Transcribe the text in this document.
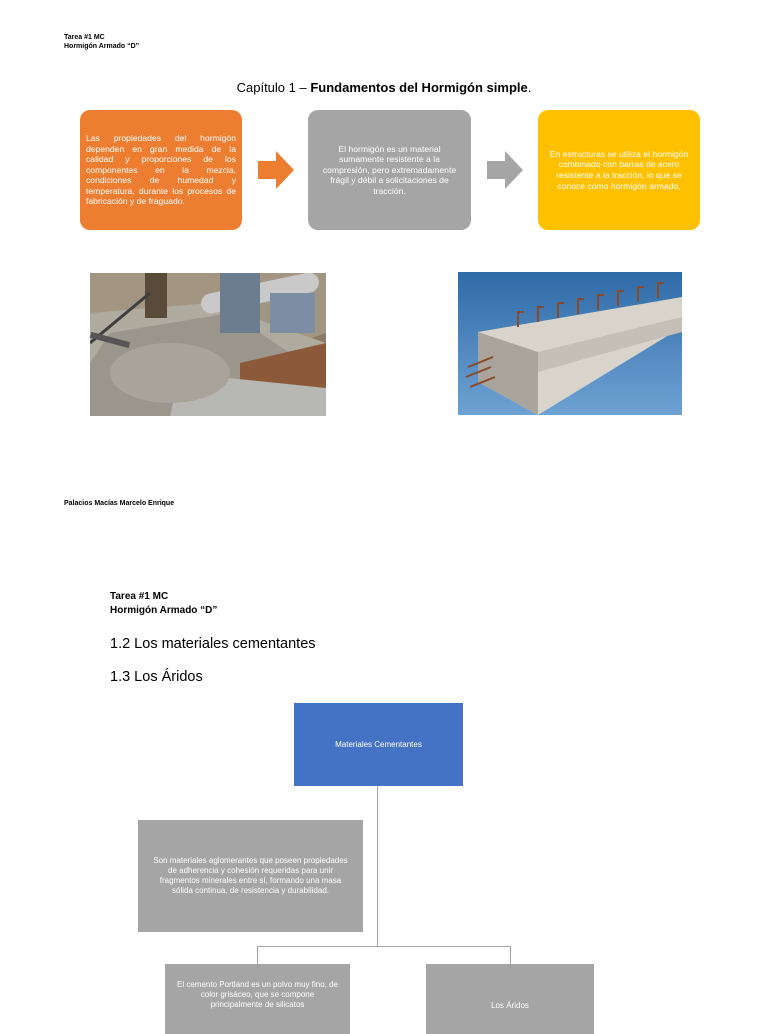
Tarea #1 MC
Hormigón Armado “D”
Capítulo 1 – Fundamentos del Hormigón simple.
Las propiedades del hormigón dependen en gran medida de la calidad y proporciones de los componentes en la mezcla, condiciones de humedad y temperatura, durante los procesos de fabricación y de fraguado.
El hormigón es un material sumamente resistente a la compresión, pero extremadamente frágil y débil a solicitaciones de tracción.
En estructuras se utiliza el hormigón combinado con barras de acero resistente a la tracción, lo que se conoce como hormigón armado,
Palacios Macías Marcelo Enrique
Tarea #1 MC
Hormigón Armado “D”
1.2 Los materiales cementantes
1.3 Los Áridos
Materiales Cementantes
Son materiales aglomerantes que poseen propiedades de adherencia y cohesión requeridas para unir fragmentos minerales entre sí, formando una masa sólida continua, de resistencia y durabilidad.
El cemento Portland es un polvo muy fino, de color grisáceo, que se compone principalmente de silicatos	Los Áridos
